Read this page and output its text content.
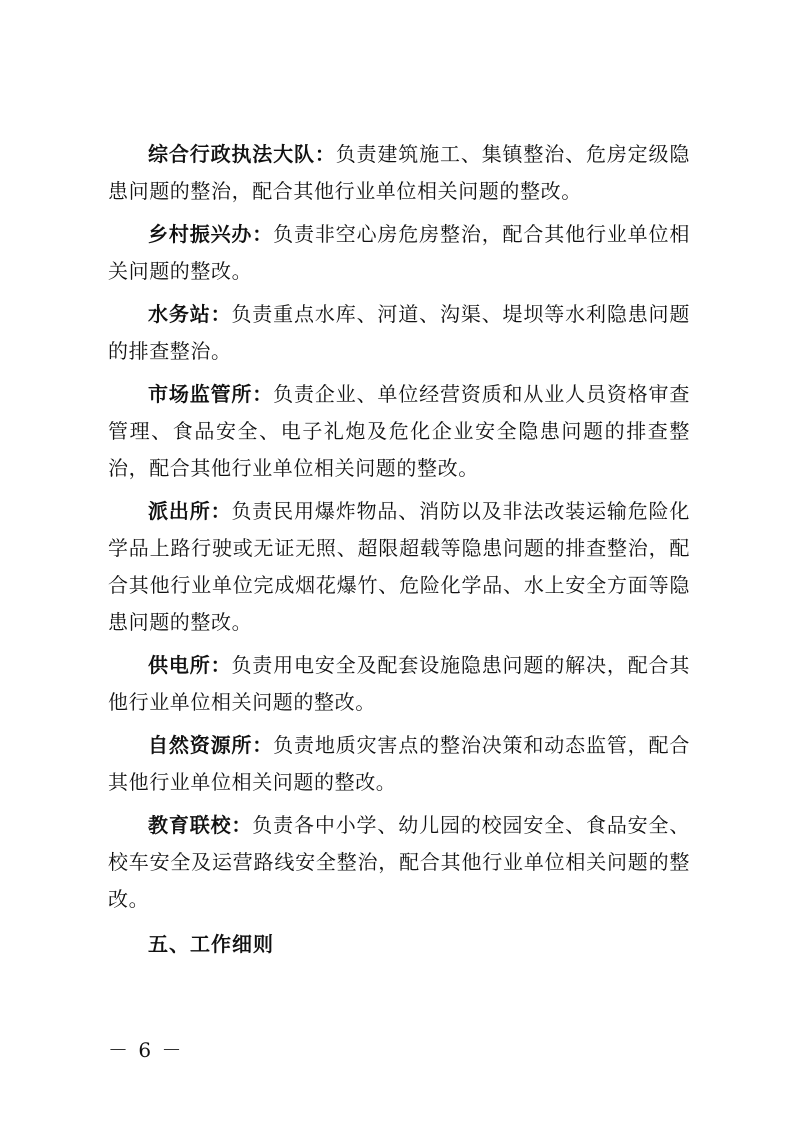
综合行政执法大队：负责建筑施工、集镇整治、危房定级隐患问题的整治，配合其他行业单位相关问题的整改。

乡村振兴办：负责非空心房危房整治，配合其他行业单位相关问题的整改。

水务站：负责重点水库、河道、沟渠、堤坝等水利隐患问题的排查整治。

市场监管所：负责企业、单位经营资质和从业人员资格审查管理、食品安全、电子礼炮及危化企业安全隐患问题的排查整治，配合其他行业单位相关问题的整改。

派出所：负责民用爆炸物品、消防以及非法改装运输危险化学品上路行驶或无证无照、超限超载等隐患问题的排查整治，配合其他行业单位完成烟花爆竹、危险化学品、水上安全方面等隐患问题的整改。

供电所：负责用电安全及配套设施隐患问题的解决，配合其他行业单位相关问题的整改。

自然资源所：负责地质灾害点的整治决策和动态监管，配合其他行业单位相关问题的整改。

教育联校：负责各中小学、幼儿园的校园安全、食品安全、校车安全及运营路线安全整治，配合其他行业单位相关问题的整改。

五、工作细则

－ 6 －
